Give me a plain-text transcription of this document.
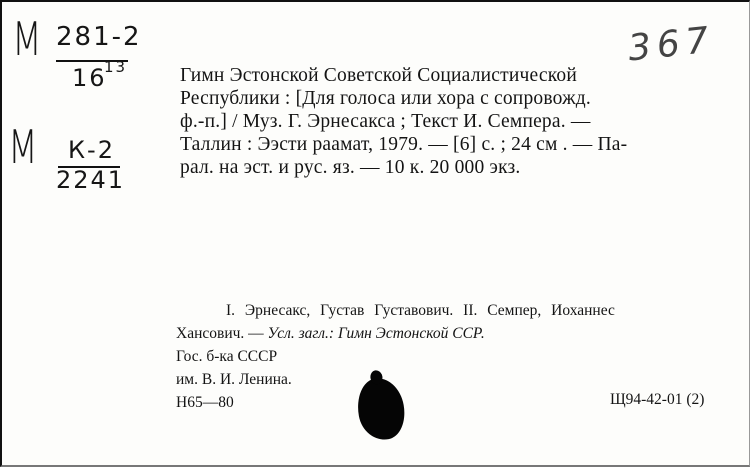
М 281-2
16
13
М К-2
2241
367
Гимн Эстонской Советской Социалистической
Республики : [Для голоса или хора с сопровожд.
ф.-п.] / Муз. Г. Эрнесакса ; Текст И. Семпера. —
Таллин : Ээсти раамат, 1979. — [6] с. ; 24 см . — Па-
рал. на эст. и рус. яз. — 10 к. 20 000 экз.
I. Эрнесакс, Густав Густавович. II. Семпер, Иоханнес
Хансович. — Усл. загл.: Гимн Эстонской ССР.
Гос. б-ка СССР
им. В. И. Ленина.
Н65—80	Щ94-42-01 (2)
